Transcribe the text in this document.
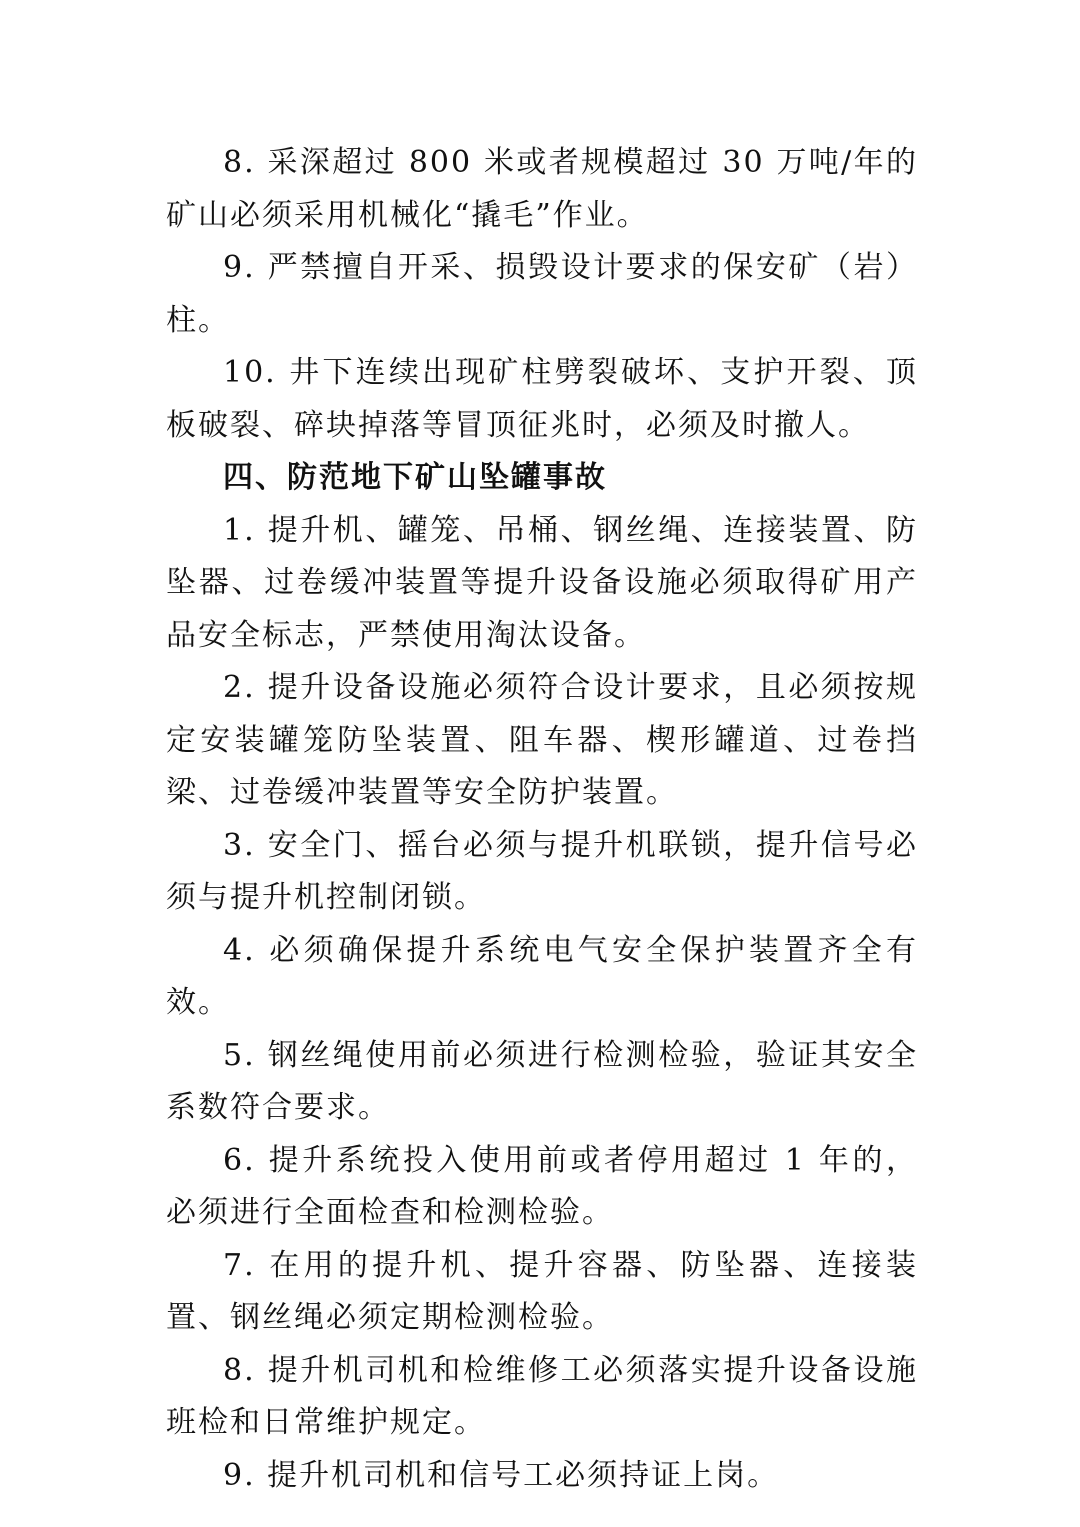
8. 采深超过 800 米或者规模超过 30 万吨/年的矿山必须采用机械化“撬毛”作业。

9. 严禁擅自开采、损毁设计要求的保安矿（岩）柱。

10. 井下连续出现矿柱劈裂破坏、支护开裂、顶板破裂、碎块掉落等冒顶征兆时，必须及时撤人。

四、防范地下矿山坠罐事故

1. 提升机、罐笼、吊桶、钢丝绳、连接装置、防坠器、过卷缓冲装置等提升设备设施必须取得矿用产品安全标志，严禁使用淘汰设备。

2. 提升设备设施必须符合设计要求，且必须按规定安装罐笼防坠装置、阻车器、楔形罐道、过卷挡梁、过卷缓冲装置等安全防护装置。

3. 安全门、摇台必须与提升机联锁，提升信号必须与提升机控制闭锁。

4. 必须确保提升系统电气安全保护装置齐全有效。

5. 钢丝绳使用前必须进行检测检验，验证其安全系数符合要求。

6. 提升系统投入使用前或者停用超过 1 年的，必须进行全面检查和检测检验。

7. 在用的提升机、提升容器、防坠器、连接装置、钢丝绳必须定期检测检验。

8. 提升机司机和检维修工必须落实提升设备设施班检和日常维护规定。

9. 提升机司机和信号工必须持证上岗。
